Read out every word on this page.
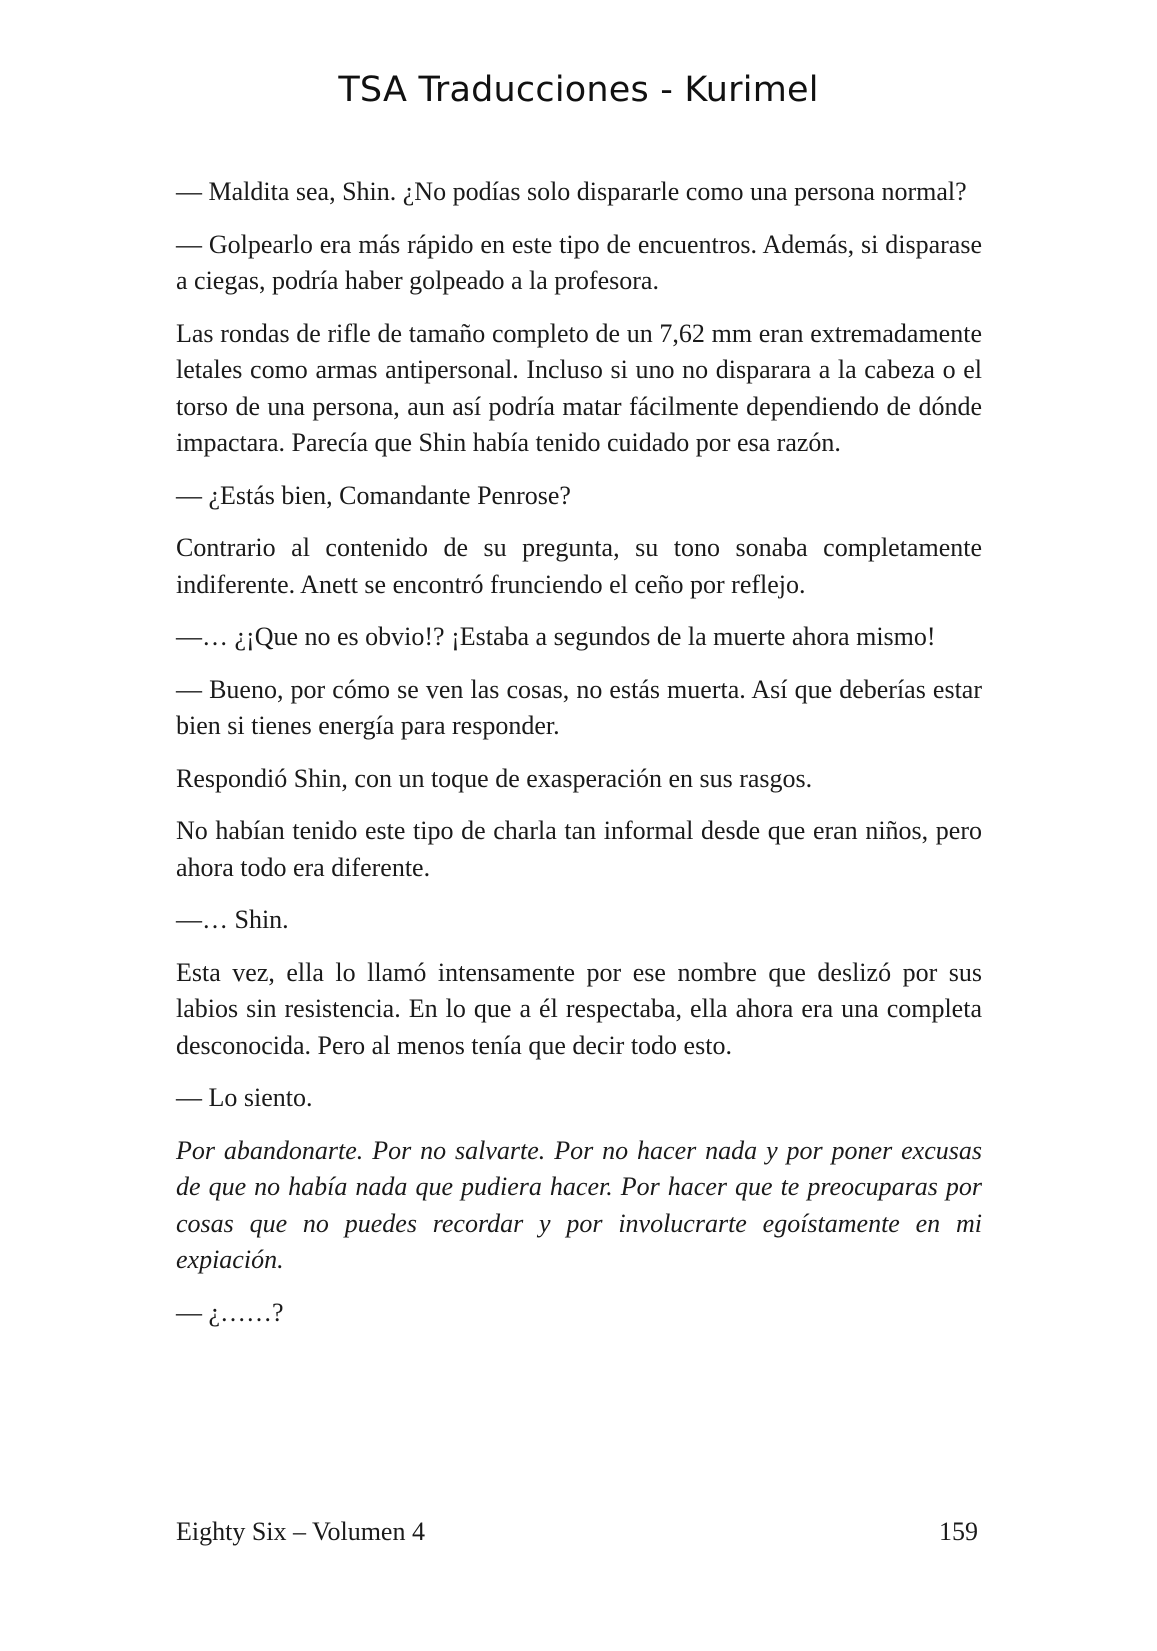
TSA Traducciones - Kurimel

— Maldita sea, Shin. ¿No podías solo dispararle como una persona normal?

— Golpearlo era más rápido en este tipo de encuentros. Además, si disparase a ciegas, podría haber golpeado a la profesora.

Las rondas de rifle de tamaño completo de un 7,62 mm eran extremadamente letales como armas antipersonal. Incluso si uno no disparara a la cabeza o el torso de una persona, aun así podría matar fácilmente dependiendo de dónde impactara. Parecía que Shin había tenido cuidado por esa razón.

— ¿Estás bien, Comandante Penrose?

Contrario al contenido de su pregunta, su tono sonaba completamente indiferente. Anett se encontró frunciendo el ceño por reflejo.

—… ¿¡Que no es obvio!? ¡Estaba a segundos de la muerte ahora mismo!

— Bueno, por cómo se ven las cosas, no estás muerta. Así que deberías estar bien si tienes energía para responder.

Respondió Shin, con un toque de exasperación en sus rasgos.

No habían tenido este tipo de charla tan informal desde que eran niños, pero ahora todo era diferente.

—… Shin.

Esta vez, ella lo llamó intensamente por ese nombre que deslizó por sus labios sin resistencia. En lo que a él respectaba, ella ahora era una completa desconocida. Pero al menos tenía que decir todo esto.

— Lo siento.

Por abandonarte. Por no salvarte. Por no hacer nada y por poner excusas de que no había nada que pudiera hacer. Por hacer que te preocuparas por cosas que no puedes recordar y por involucrarte egoístamente en mi expiación.

— ¿……?

Eighty Six – Volumen 4	159
